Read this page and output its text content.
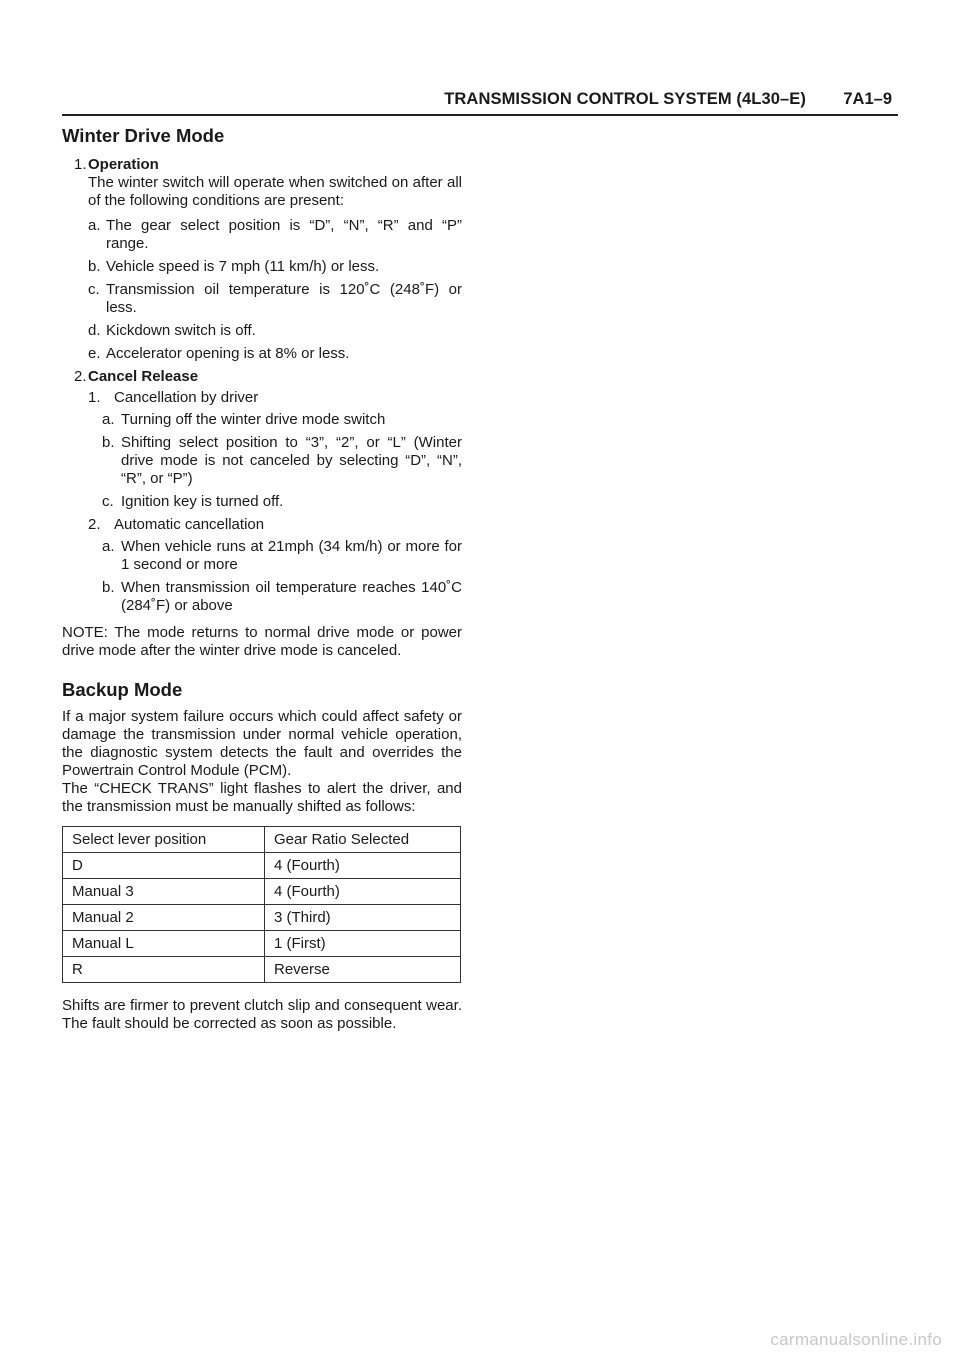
TRANSMISSION CONTROL SYSTEM (4L30–E) 7A1–9
Winter Drive Mode
1. Operation

The winter switch will operate when switched on after all of the following conditions are present:

a. The gear select position is “D”, “N”, “R” and “P” range.
b. Vehicle speed is 7 mph (11 km/h) or less.
c. Transmission oil temperature is 120˚C (248˚F) or less.
d. Kickdown switch is off.
e. Accelerator opening is at 8% or less.
2. Cancel Release
1. Cancellation by driver
a. Turning off the winter drive mode switch
b. Shifting select position to “3”, “2”, or “L” (Winter drive mode is not canceled by selecting “D”, “N”, “R”, or “P”)
c. Ignition key is turned off.
2. Automatic cancellation
a. When vehicle runs at 21mph (34 km/h) or more for 1 second or more
b. When transmission oil temperature reaches 140˚C (284˚F) or above

NOTE: The mode returns to normal drive mode or power drive mode after the winter drive mode is canceled.

Backup Mode

If a major system failure occurs which could affect safety or damage the transmission under normal vehicle operation, the diagnostic system detects the fault and overrides the Powertrain Control Module (PCM).

The “CHECK TRANS” light flashes to alert the driver, and the transmission must be manually shifted as follows:

Select lever position	Gear Ratio Selected
D	4 (Fourth)
Manual 3	4 (Fourth)
Manual 2	3 (Third)
Manual L	1 (First)
R	Reverse

Shifts are firmer to prevent clutch slip and consequent wear. The fault should be corrected as soon as possible.

carmanualsonline.info
